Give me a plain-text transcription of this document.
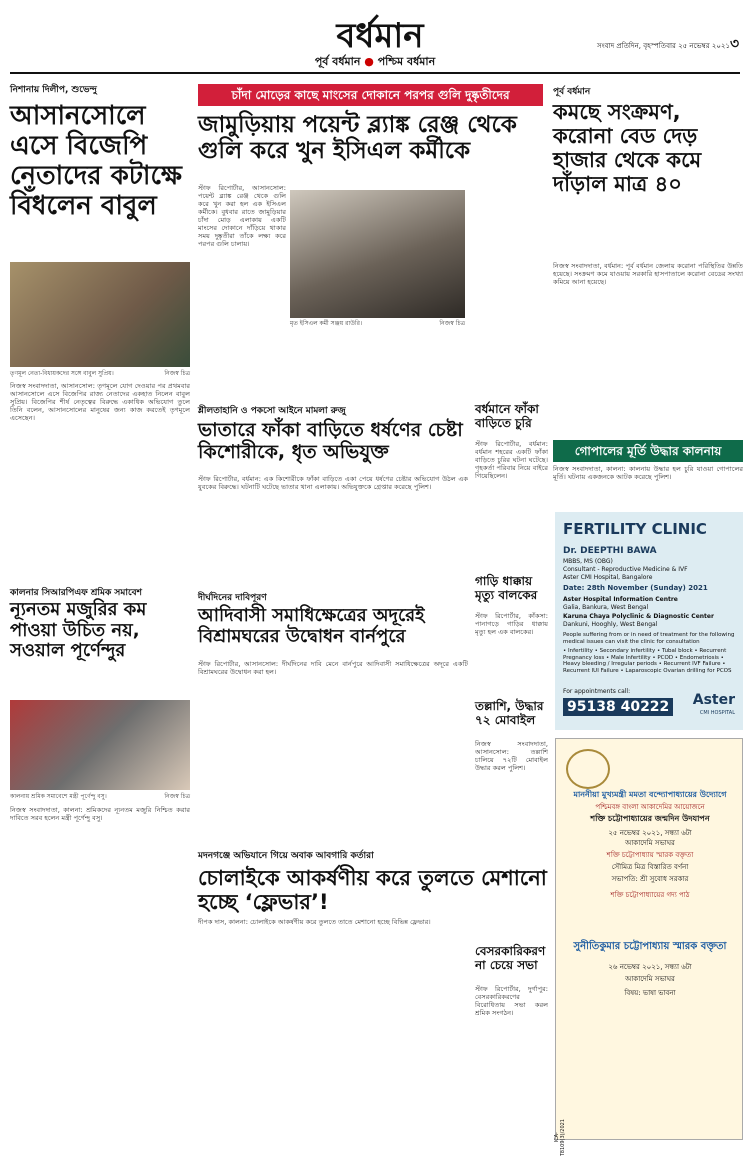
বর্ধমান
পূর্ব বর্ধমান ● পশ্চিম বর্ধমান
সংবাদ প্রতিদিন, বৃহস্পতিবার ২৫ নভেম্বর ২০২১ ৩
নিশানায় দিলীপ, শুভেন্দু
আসানসোলে এসে বিজেপি নেতাদের কটাক্ষে বিঁধলেন বাবুল
তৃণমূল নেতা-বিধায়কদের সঙ্গে বাবুল সুপ্রিয়।	নিজস্ব চিত্র
নিজস্ব সংবাদদাতা, আসানসোল: তৃণমূলে যোগ দেওয়ার পর প্রথমবার আসানসোলে এসে বিজেপির রাজ্য নেতাদের একহাত নিলেন বাবুল সুপ্রিয়। বিজেপির শীর্ষ নেতৃত্বের বিরুদ্ধে একাধিক অভিযোগ তুলে তিনি বলেন, আসানসোলের মানুষের জন্য কাজ করতেই তৃণমূলে এসেছেন।
চাঁদা মোড়ের কাছে মাংসের দোকানে পরপর গুলি দুষ্কৃতীদের
জামুড়িয়ায় পয়েন্ট ব্ল্যাঙ্ক রেঞ্জ থেকে গুলি করে খুন ইসিএল কর্মীকে
স্টাফ রিপোর্টার, আসানসোল: পয়েন্ট ব্ল্যাঙ্ক রেঞ্জ থেকে গুলি করে খুন করা হল এক ইসিএল কর্মীকে। বুধবার রাতে জামুড়িয়ার চাঁদা মোড় এলাকায় একটি মাংসের দোকানে দাঁড়িয়ে থাকার সময় দুষ্কৃতীরা তাঁকে লক্ষ্য করে পরপর গুলি চালায়।
মৃত ইসিএল কর্মী সঞ্জয় রাউরি।	নিজস্ব চিত্র
পূর্ব বর্ধমান
কমছে সংক্রমণ, করোনা বেড দেড় হাজার থেকে কমে দাঁড়াল মাত্র ৪০
নিজস্ব সংবাদদাতা, বর্ধমান: পূর্ব বর্ধমান জেলায় করোনা পরিস্থিতির উন্নতি হয়েছে। সংক্রমণ কমে যাওয়ায় সরকারি হাসপাতালে করোনা বেডের সংখ্যা কমিয়ে আনা হয়েছে।
গোপালের মূর্তি উদ্ধার কালনায়
নিজস্ব সংবাদদাতা, কালনা: কালনায় উদ্ধার হল চুরি যাওয়া গোপালের মূর্তি। ঘটনায় একজনকে আটক করেছে পুলিশ।
শ্লীলতাহানি ও পকসো আইনে মামলা রুজু
ভাতারে ফাঁকা বাড়িতে ধর্ষণের চেষ্টা কিশোরীকে, ধৃত অভিযুক্ত
স্টাফ রিপোর্টার, বর্ধমান: এক কিশোরীকে ফাঁকা বাড়িতে একা পেয়ে ধর্ষণের চেষ্টার অভিযোগ উঠল এক যুবকের বিরুদ্ধে। ঘটনাটি ঘটেছে ভাতার থানা এলাকায়। অভিযুক্তকে গ্রেপ্তার করেছে পুলিশ।
বর্ধমানে ফাঁকা বাড়িতে চুরি
স্টাফ রিপোর্টার, বর্ধমান: বর্ধমান শহরের একটি ফাঁকা বাড়িতে চুরির ঘটনা ঘটেছে। গৃহকর্তা পরিবার নিয়ে বাইরে গিয়েছিলেন।
গাড়ি ধাক্কায় মৃত্যু বালকের
স্টাফ রিপোর্টার, কাঁকসা: পানাগড়ে গাড়ির ধাক্কায় মৃত্যু হল এক বালকের।
দীর্ঘদিনের দাবিপূরণ
আদিবাসী সমাধিক্ষেত্রের অদূরেই বিশ্রামঘরের উদ্বোধন বার্নপুরে
স্টাফ রিপোর্টার, আসানসোল: দীর্ঘদিনের দাবি মেনে বার্নপুরে আদিবাসী সমাধিক্ষেত্রের অদূরে একটি বিশ্রামঘরের উদ্বোধন করা হল।
তল্লাশি, উদ্ধার ৭২ মোবাইল
নিজস্ব সংবাদদাতা, আসানসোল: তল্লাশি চালিয়ে ৭২টি মোবাইল উদ্ধার করল পুলিশ।
কালনার সিআরপিএফ শ্রমিক সমাবেশ
ন্যূনতম মজুরির কম পাওয়া উচিত নয়, সওয়াল পূর্ণেন্দুর
কালনায় শ্রমিক সমাবেশে মন্ত্রী পূর্ণেন্দু বসু।	নিজস্ব চিত্র
নিজস্ব সংবাদদাতা, কালনা: শ্রমিকদের ন্যূনতম মজুরি নিশ্চিত করার দাবিতে সরব হলেন মন্ত্রী পূর্ণেন্দু বসু।
মদনগঞ্জে অভিযানে গিয়ে অবাক আবগারি কর্তারা
চোলাইকে আকর্ষণীয় করে তুলতে মেশানো হচ্ছে ‘ফ্লেভার’!
দীপক দাস, কালনা: চোলাইকে আকর্ষণীয় করে তুলতে তাতে মেশানো হচ্ছে বিভিন্ন ফ্লেভার।
বেসরকারিকরণ না চেয়ে সভা
স্টাফ রিপোর্টার, দুর্গাপুর: বেসরকারিকরণের বিরোধিতায় সভা করল শ্রমিক সংগঠন।
FERTILITY CLINIC
Dr. DEEPTHI BAWA
MBBS, MS (OBG)
Consultant - Reproductive Medicine & IVF
Aster CMI Hospital, Bangalore
Date: 28th November (Sunday) 2021
Aster Hospital Information Centre
Galia, Bankura, West Bengal
Karuna Chaya Polyclinic & Diagnostic Center
Dankuni, Hooghly, West Bengal
People suffering from or in need of treatment for the following medical issues can visit the clinic for consultation
• Infertility • Secondary infertility • Tubal block • Recurrent Pregnancy loss • Male Infertility • PCOD • Endometriosis • Heavy bleeding / Irregular periods • Recurrent IVF Failure • Recurrent IUI Failure • Laparoscopic Ovarian drilling for PCOS
For appointments call:
95138 40222 Aster
CMI HOSPITAL
মাননীয়া মুখ্যমন্ত্রী মমতা বন্দ্যোপাধ্যায়ের উদ্যোগে
পশ্চিমবঙ্গ বাংলা আকাদেমির আয়োজনে
শক্তি চট্টোপাধ্যায়ের জন্মদিন উদযাপন
২৫ নভেম্বর ২০২১, সন্ধ্যা ৬টা
আকাদেমি সভাঘর
শক্তি চট্টোপাধ্যায় স্মারক বক্তৃতা
সৌমিত্র মিত্র বিস্তারিত বর্ণনা
সভাপতি: শ্রী সুবোধ সরকার
শক্তি চট্টোপাধ্যায়ের গদ্য পাঠ
সুনীতিকুমার চট্টোপাধ্যায় স্মারক বক্তৃতা
২৬ নভেম্বর ২০২১, সন্ধ্যা ৬টা
আকাদেমি সভাঘর
বিষয়: ভাষা ভাবনা
ICA-T8109(3)/2021
